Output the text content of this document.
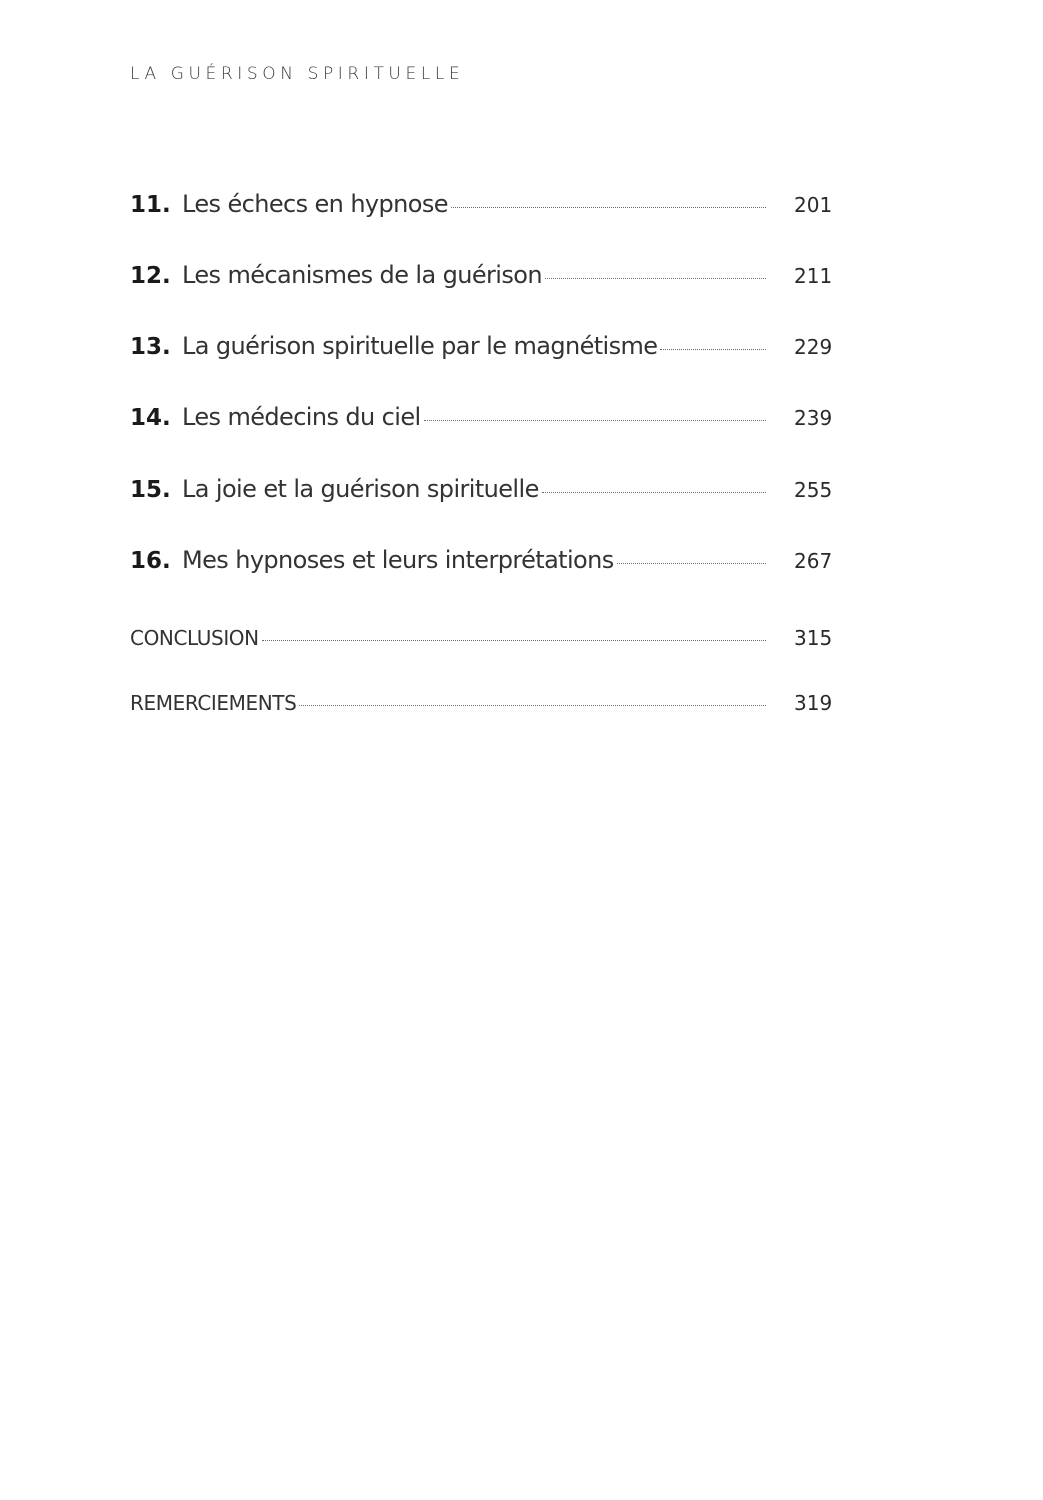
LA GUÉRISON SPIRITUELLE
11. Les échecs en hypnose	201
12. Les mécanismes de la guérison	211
13. La guérison spirituelle par le magnétisme	229
14. Les médecins du ciel	239
15. La joie et la guérison spirituelle	255
16. Mes hypnoses et leurs interprétations	267
CONCLUSION	315
REMERCIEMENTS	319
